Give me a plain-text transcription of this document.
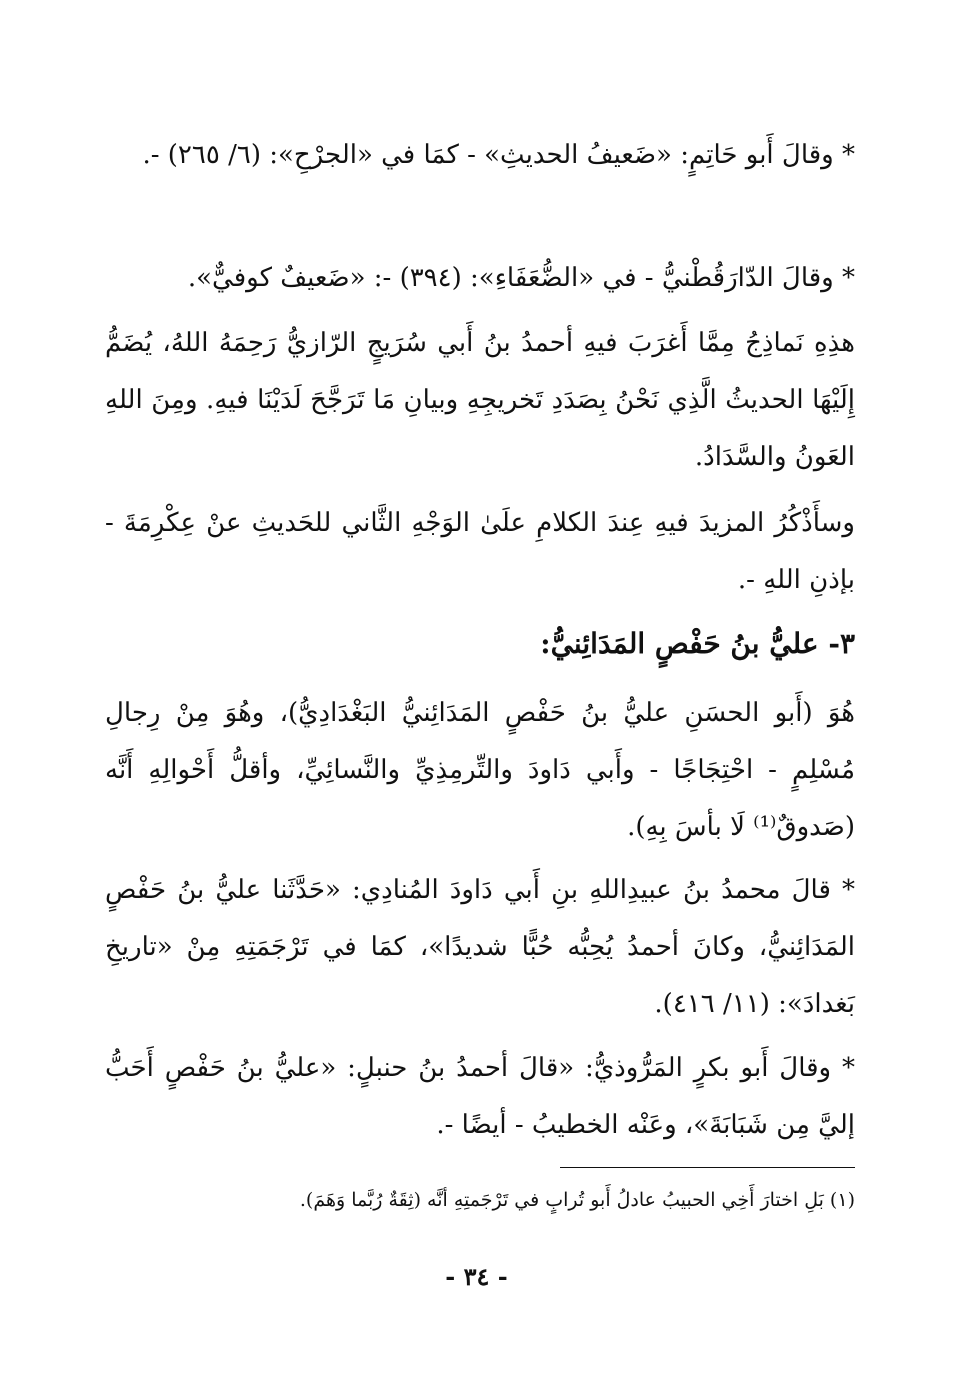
* وقالَ أَبو حَاتِمٍ: «ضَعيفُ الحديثِ» - كمَا في «الجرْحِ»: (٦/ ٢٦٥) -.

* وقالَ الدّارَقُطْنيُّ - في «الضُّعَفَاءِ»: (٣٩٤) -: «ضَعيفٌ كوفيٌّ».

هذِهِ نَماذِجُ مِمَّا أَغرَبَ فيهِ أحمدُ بنُ أَبي سُرَيجٍ الرّازيُّ رَحِمَهُ اللهُ، يُضَمُّ إِلَيْهَا الحديثُ الَّذِي نَحْنُ بِصَدَدِ تَخريجِهِ وبيانِ مَا تَرَجَّحَ لَدَيْنَا فيهِ. ومِنَ اللهِ العَونُ والسَّدَادُ.

وسأَذْكُرُ المزيدَ فيهِ عِندَ الكلامِ علَىٰ الوَجْهِ الثَّاني للحَديثِ عنْ عِكْرِمَةَ - بإذنِ اللهِ -.

٣- عليُّ بنُ حَفْصٍ المَدَائِنيُّ:

هُوَ (أَبو الحسَنِ عليُّ بنُ حَفْصٍ المَدَائِنيُّ البَغْدَادِيُّ)، وهُوَ مِنْ رِجالِ مُسْلِمٍ - احْتِجَاجًا - وأَبي دَاودَ والتِّرمِذِيِّ والنَّسائِيِّ، وأقلُّ أَحْوالِهِ أَنَّه (صَدوقٌ⁽¹⁾ لَا بأسَ بِهِ).

* قالَ محمدُ بنُ عبيدِاللهِ بنِ أَبي دَاودَ المُنادِي: «حَدَّثَنا عليُّ بنُ حَفْصٍ المَدَائِنيُّ، وكانَ أحمدُ يُحِبُّه حُبًّا شديدًا»، كمَا في تَرْجَمَتِهِ مِنْ «تاريخِ بَغدادَ»: (١١/ ٤١٦).

* وقالَ أَبو بكرٍ المَرُّوذيُّ: «قالَ أحمدُ بنُ حنبلٍ: «عليُّ بنُ حَفْصٍ أَحَبُّ إليَّ مِن شَبَابَةَ»، وعَنْه الخطيبُ - أيضًا -.

(١) بَلِ اختارَ أَخِي الحبيبُ عادلُ أَبو تُرابٍ في تَرْجَمتِهِ أنَّه (ثِقَةٌ رُبَّما وَهَمَ).

- ٣٤ -
